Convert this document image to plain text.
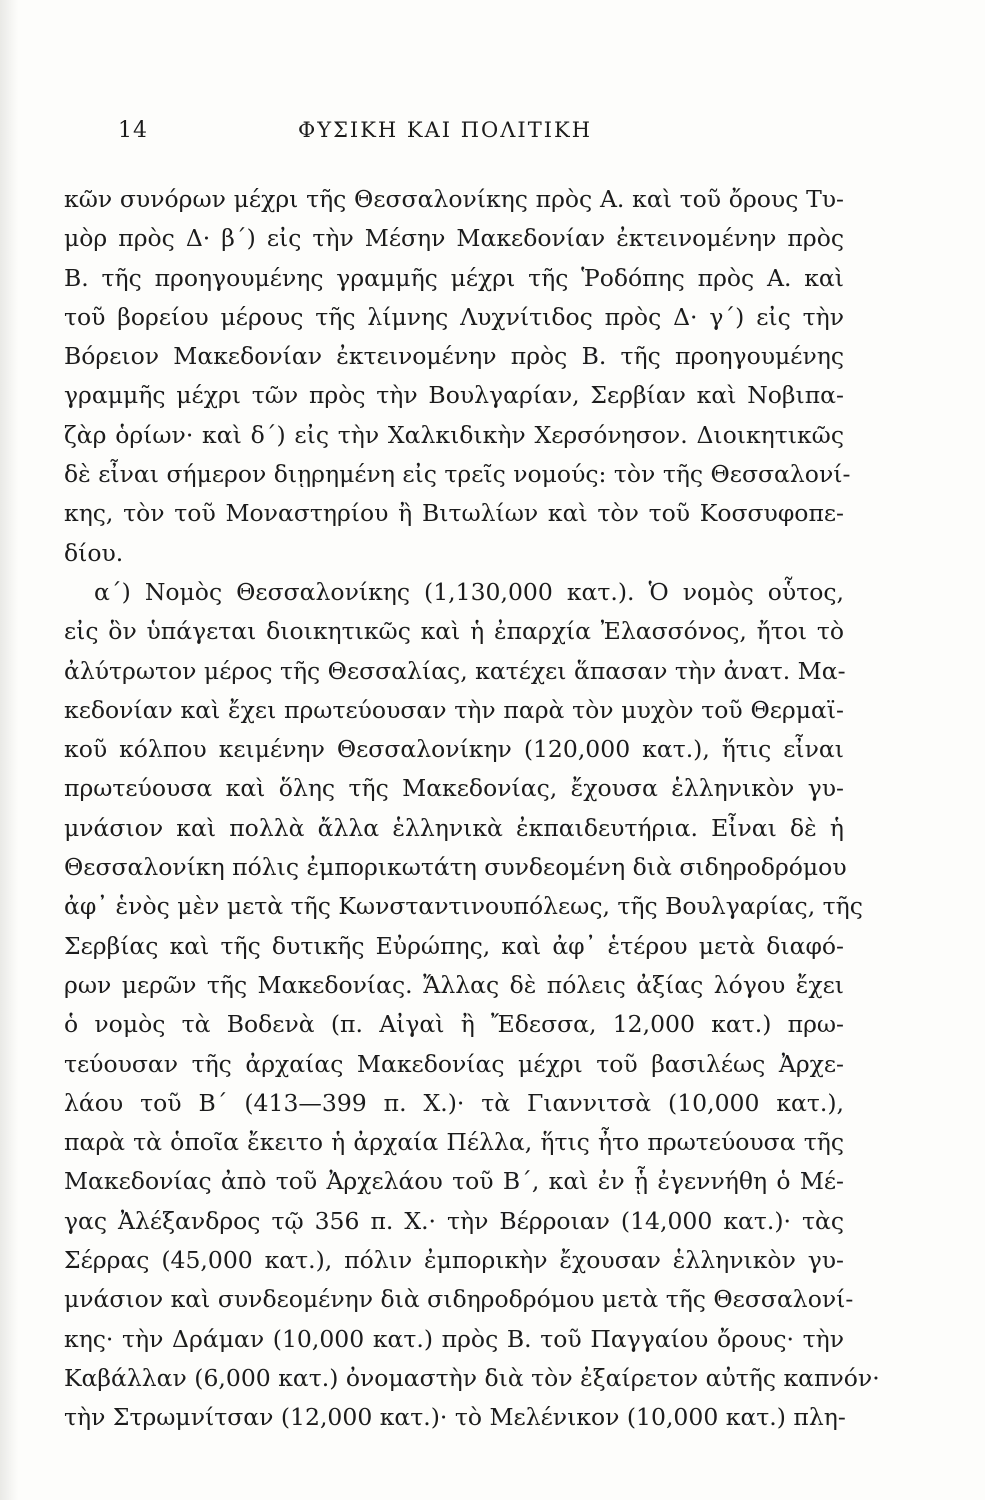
14	ΦΥΣΙΚΗ ΚΑΙ ΠΟΛΙΤΙΚΗ
κῶν συνόρων μέχρι τῆς Θεσσαλονίκης πρὸς Α. καὶ τοῦ ὄρους Τυ-
μὸρ πρὸς Δ· β΄) εἰς τὴν Μέσην Μακεδονίαν ἐκτεινομένην πρὸς
Β. τῆς προηγουμένης γραμμῆς μέχρι τῆς Ῥοδόπης πρὸς Α. καὶ
τοῦ βορείου μέρους τῆς λίμνης Λυχνίτιδος πρὸς Δ· γ΄) εἰς τὴν
Βόρειον Μακεδονίαν ἐκτεινομένην πρὸς Β. τῆς προηγουμένης
γραμμῆς μέχρι τῶν πρὸς τὴν Βουλγαρίαν, Σερβίαν καὶ Νοβιπα-
ζὰρ ὁρίων· καὶ δ΄) εἰς τὴν Χαλκιδικὴν Χερσόνησον. Διοικητικῶς
δὲ εἶναι σήμερον διῃρημένη εἰς τρεῖς νομούς: τὸν τῆς Θεσσαλονί-
κης, τὸν τοῦ Μοναστηρίου ἢ Βιτωλίων καὶ τὸν τοῦ Κοσσυφοπε-
δίου.
α΄) Νομὸς Θεσσαλονίκης (1,130,000 κατ.). Ὁ νομὸς οὗτος,
εἰς ὃν ὑπάγεται διοικητικῶς καὶ ἡ ἐπαρχία Ἐλασσόνος, ἤτοι τὸ
ἀλύτρωτον μέρος τῆς Θεσσαλίας, κατέχει ἅπασαν τὴν ἀνατ. Μα-
κεδονίαν καὶ ἔχει πρωτεύουσαν τὴν παρὰ τὸν μυχὸν τοῦ Θερμαϊ-
κοῦ κόλπου κειμένην Θεσσαλονίκην (120,000 κατ.), ἥτις εἶναι
πρωτεύουσα καὶ ὅλης τῆς Μακεδονίας, ἔχουσα ἑλληνικὸν γυ-
μνάσιον καὶ πολλὰ ἄλλα ἑλληνικὰ ἐκπαιδευτήρια. Εἶναι δὲ ἡ
Θεσσαλονίκη πόλις ἐμπορικωτάτη συνδεομένη διὰ σιδηροδρόμου
ἀφ᾽ ἑνὸς μὲν μετὰ τῆς Κωνσταντινουπόλεως, τῆς Βουλγαρίας, τῆς
Σερβίας καὶ τῆς δυτικῆς Εὐρώπης, καὶ ἀφ᾽ ἑτέρου μετὰ διαφό-
ρων μερῶν τῆς Μακεδονίας. Ἄλλας δὲ πόλεις ἀξίας λόγου ἔχει
ὁ νομὸς τὰ Βοδενὰ (π. Αἰγαὶ ἢ Ἔδεσσα, 12,000 κατ.) πρω-
τεύουσαν τῆς ἀρχαίας Μακεδονίας μέχρι τοῦ βασιλέως Ἀρχε-
λάου τοῦ Β΄ (413—399 π. Χ.)· τὰ Γιαννιτσὰ (10,000 κατ.),
παρὰ τὰ ὁποῖα ἔκειτο ἡ ἀρχαία Πέλλα, ἥτις ἦτο πρωτεύουσα τῆς
Μακεδονίας ἀπὸ τοῦ Ἀρχελάου τοῦ Β΄, καὶ ἐν ᾗ ἐγεννήθη ὁ Μέ-
γας Ἀλέξανδρος τῷ 356 π. Χ.· τὴν Βέρροιαν (14,000 κατ.)· τὰς
Σέρρας (45,000 κατ.), πόλιν ἐμπορικὴν ἔχουσαν ἑλληνικὸν γυ-
μνάσιον καὶ συνδεομένην διὰ σιδηροδρόμου μετὰ τῆς Θεσσαλονί-
κης· τὴν Δράμαν (10,000 κατ.) πρὸς Β. τοῦ Παγγαίου ὄρους· τὴν
Καβάλλαν (6,000 κατ.) ὀνομαστὴν διὰ τὸν ἐξαίρετον αὐτῆς καπνόν·
τὴν Στρωμνίτσαν (12,000 κατ.)· τὸ Μελένικον (10,000 κατ.) πλη-
